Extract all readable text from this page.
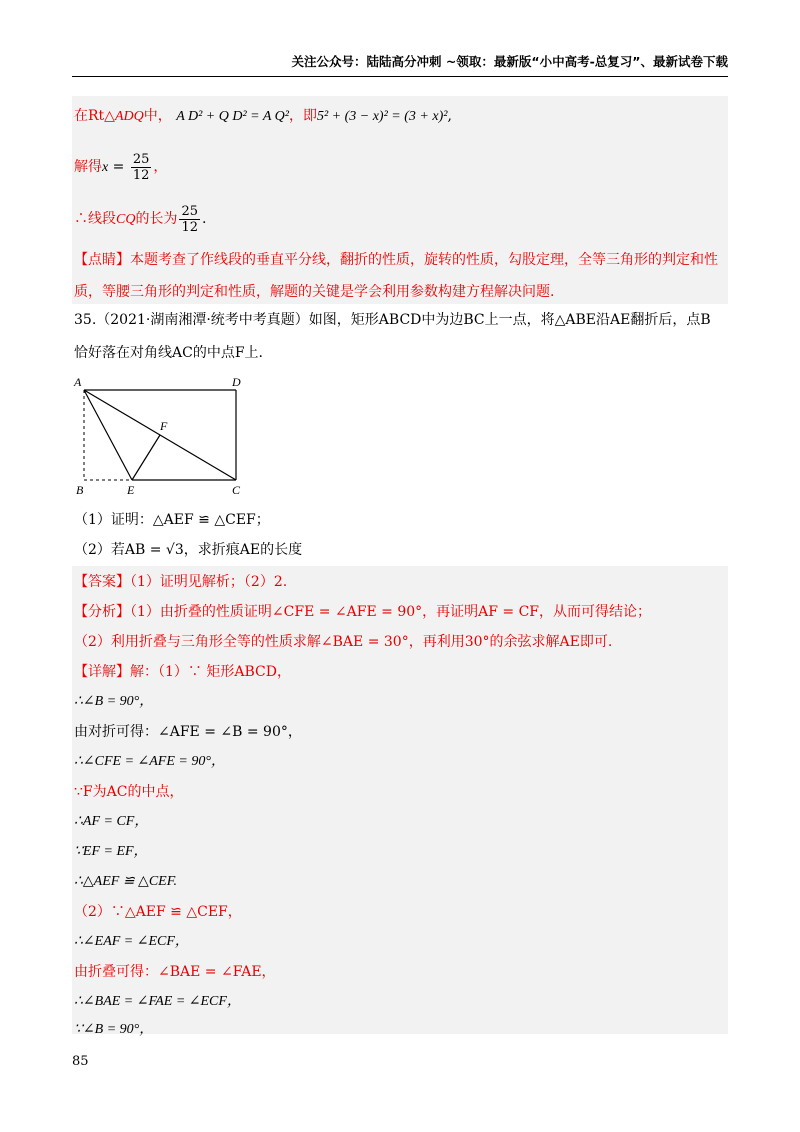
关注公众号：陆陆高分冲刺 ~领取：最新版“小中高考-总复习”、最新试卷下载
在Rt△ADQ中， A D² + Q D² = A Q²，即5² + (3 − x)² = (3 + x)²,
解得$x = \frac{25}{12}$ ，
∴线段CQ的长为 $\frac{25}{12}$ .
【点睛】本题考查了作线段的垂直平分线，翻折的性质，旋转的性质，勾股定理，全等三角形的判定和性
质，等腰三角形的判定和性质，解题的关键是学会利用参数构建方程解决问题.
35.（2021·湖南湘潭·统考中考真题）如图，矩形ABCD中为边BC上一点，将△ABE沿AE翻折后，点B
恰好落在对角线AC的中点F上.
A	D
B	E	C
F
（1）证明：△AEF ≌ △CEF；
（2）若AB = √3，求折痕AE的长度
【答案】（1）证明见解析；（2）2.
【分析】（1）由折叠的性质证明∠CFE = ∠AFE = 90°，再证明AF = CF，从而可得结论；
（2）利用折叠与三角形全等的性质求解∠BAE = 30°，再利用30°的余弦求解AE即可.
【详解】解：（1）∵ 矩形ABCD，
∴∠B = 90°，
由对折可得：∠AFE = ∠B = 90°，
∴∠CFE = ∠AFE = 90°，
∵F为AC的中点，
∴AF = CF，
∵EF = EF，
∴△AEF ≌ △CEF.
（2）∵△AEF ≌ △CEF，
∴∠EAF = ∠ECF，
由折叠可得：∠BAE = ∠FAE，
∴∠BAE = ∠FAE = ∠ECF，
∵∠B = 90°，
85
